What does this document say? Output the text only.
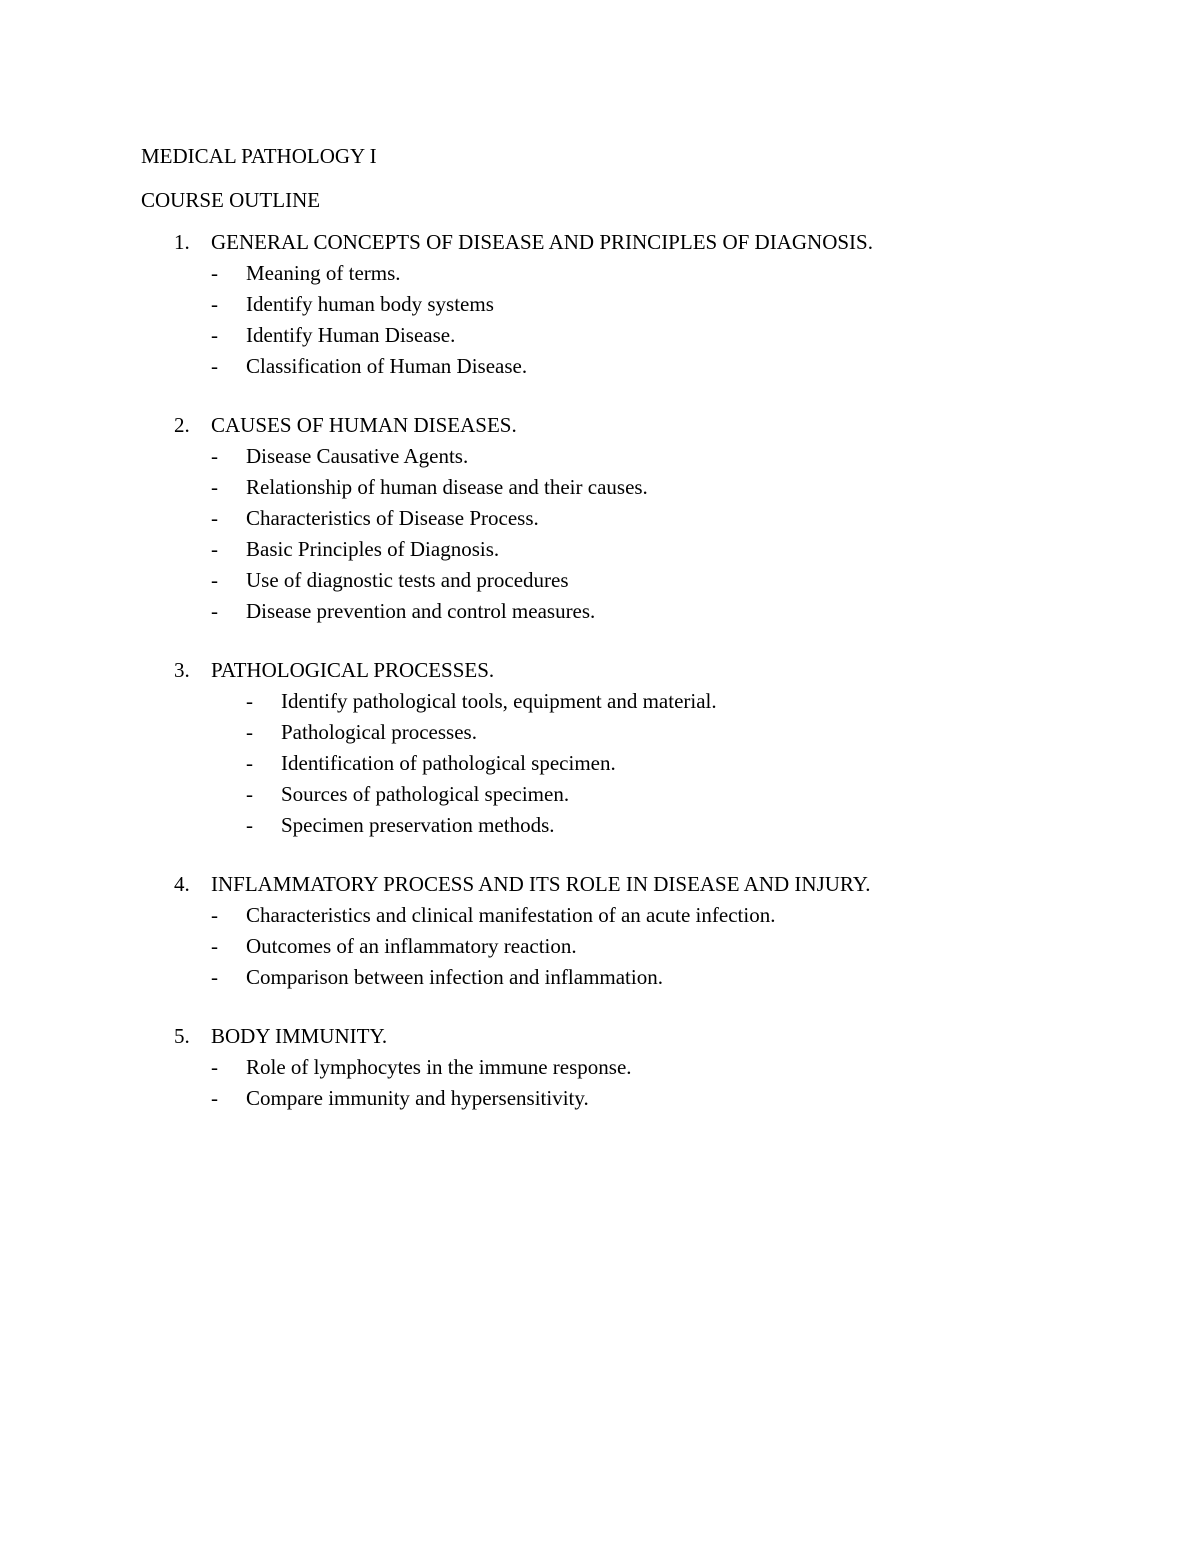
MEDICAL PATHOLOGY I
COURSE OUTLINE
1.	GENERAL CONCEPTS OF DISEASE AND PRINCIPLES OF DIAGNOSIS.
-	Meaning of terms.
-	Identify human body systems
-	Identify Human Disease.
-	Classification of Human Disease.
2.	CAUSES OF HUMAN DISEASES.
-	Disease Causative Agents.
-	Relationship of human disease and their causes.
-	Characteristics of Disease Process.
-	Basic Principles of Diagnosis.
-	Use of diagnostic tests and procedures
-	Disease prevention and control measures.
3.	PATHOLOGICAL PROCESSES.
-	Identify pathological tools, equipment and material.
-	Pathological processes.
-	Identification of pathological specimen.
-	Sources of pathological specimen.
-	Specimen preservation methods.
4.	INFLAMMATORY PROCESS AND ITS ROLE IN DISEASE AND INJURY.
-	Characteristics and clinical manifestation of an acute infection.
-	Outcomes of an inflammatory reaction.
-	Comparison between infection and inflammation.
5.	BODY IMMUNITY.
-	Role of lymphocytes in the immune response.
-	Compare immunity and hypersensitivity.
